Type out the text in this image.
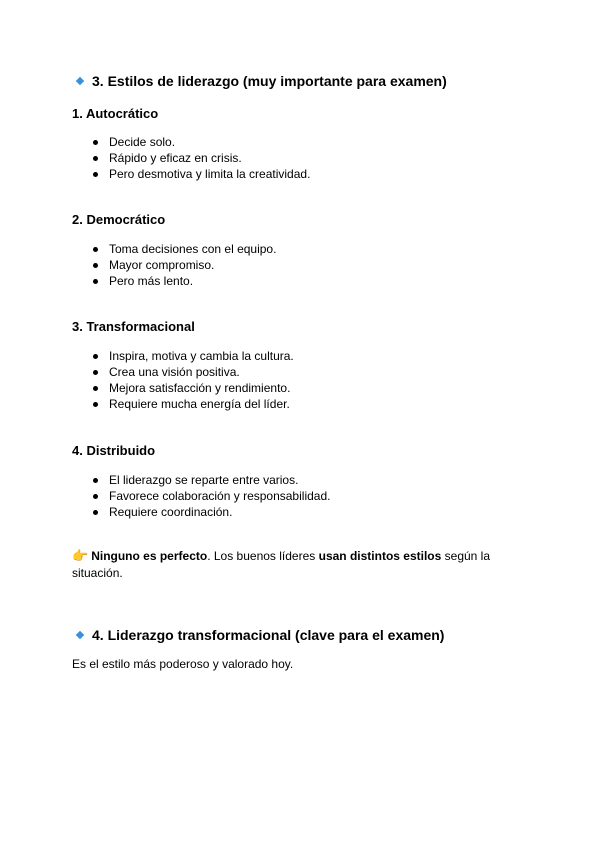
3. Estilos de liderazgo (muy importante para examen)
1. Autocrático
Decide solo.
Rápido y eficaz en crisis.
Pero desmotiva y limita la creatividad.
2. Democrático
Toma decisiones con el equipo.
Mayor compromiso.
Pero más lento.
3. Transformacional
Inspira, motiva y cambia la cultura.
Crea una visión positiva.
Mejora satisfacción y rendimiento.
Requiere mucha energía del líder.
4. Distribuido
El liderazgo se reparte entre varios.
Favorece colaboración y responsabilidad.
Requiere coordinación.
👉 Ninguno es perfecto. Los buenos líderes usan distintos estilos según la situación.
4. Liderazgo transformacional (clave para el examen)
Es el estilo más poderoso y valorado hoy.
